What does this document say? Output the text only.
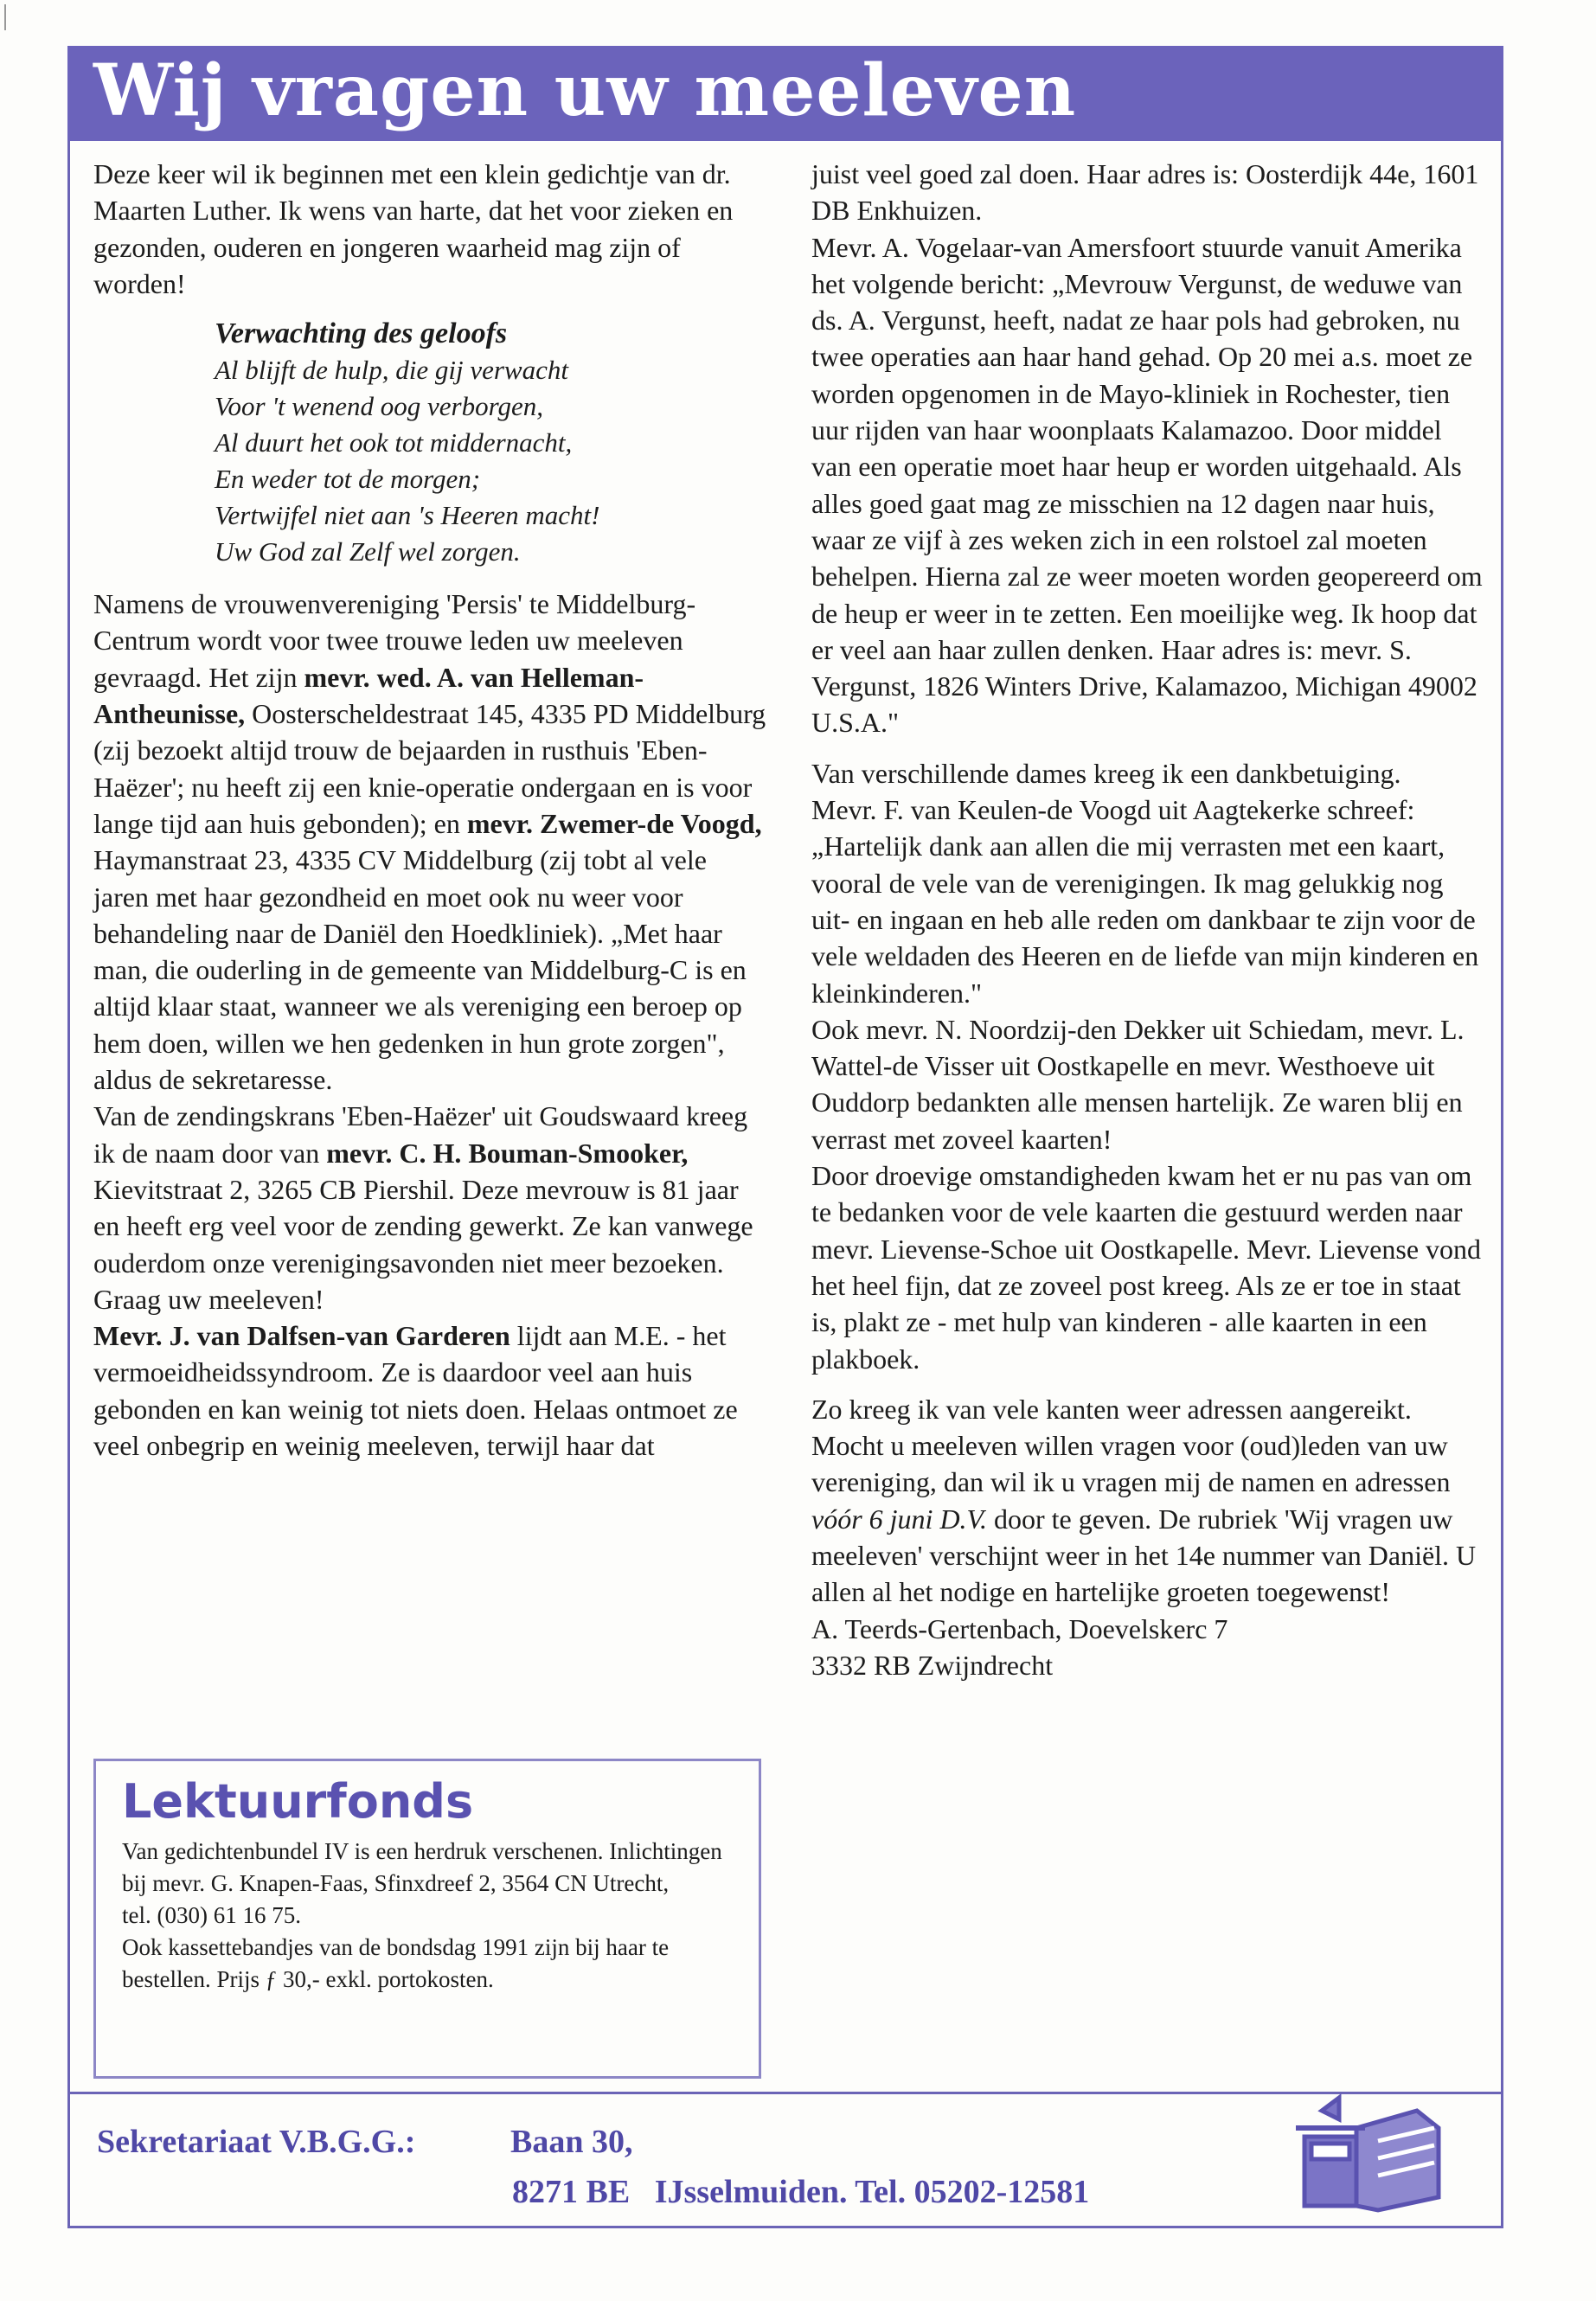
Wij vragen uw meeleven

Deze keer wil ik beginnen met een klein gedichtje van dr. Maarten Luther. Ik wens van harte, dat het voor zieken en gezonden, ouderen en jongeren waarheid mag zijn of worden!

Verwachting des geloofs
Al blijft de hulp, die gij verwacht
Voor 't wenend oog verborgen,
Al duurt het ook tot middernacht,
En weder tot de morgen;
Vertwijfel niet aan 's Heeren macht!
Uw God zal Zelf wel zorgen.

Namens de vrouwenvereniging 'Persis' te Middelburg-Centrum wordt voor twee trouwe leden uw meeleven gevraagd. Het zijn mevr. wed. A. van Helleman-Antheunisse, Oosterscheldestraat 145, 4335 PD Middelburg (zij bezoekt altijd trouw de bejaarden in rusthuis 'Eben-Haëzer'; nu heeft zij een knie-operatie ondergaan en is voor lange tijd aan huis gebonden); en mevr. Zwemer-de Voogd, Haymanstraat 23, 4335 CV Middelburg (zij tobt al vele jaren met haar gezondheid en moet ook nu weer voor behandeling naar de Daniël den Hoedkliniek). „Met haar man, die ouderling in de gemeente van Middelburg-C is en altijd klaar staat, wanneer we als vereniging een beroep op hem doen, willen we hen gedenken in hun grote zorgen", aldus de sekretaresse.

Van de zendingskrans 'Eben-Haëzer' uit Goudswaard kreeg ik de naam door van mevr. C. H. Bouman-Smooker, Kievitstraat 2, 3265 CB Piershil. Deze mevrouw is 81 jaar en heeft erg veel voor de zending gewerkt. Ze kan vanwege ouderdom onze verenigingsavonden niet meer bezoeken. Graag uw meeleven!

Mevr. J. van Dalfsen-van Garderen lijdt aan M.E. - het vermoeidheidssyndroom. Ze is daardoor veel aan huis gebonden en kan weinig tot niets doen. Helaas ontmoet ze veel onbegrip en weinig meeleven, terwijl haar dat

Lektuurfonds

Van gedichtenbundel IV is een herdruk verschenen. Inlichtingen bij mevr. G. Knapen-Faas, Sfinxdreef 2, 3564 CN Utrecht,
tel. (030) 61 16 75.
Ook kassettebandjes van de bondsdag 1991 zijn bij haar te bestellen. Prijs ƒ 30,- exkl. portokosten.

juist veel goed zal doen. Haar adres is: Oosterdijk 44e, 1601 DB Enkhuizen.

Mevr. A. Vogelaar-van Amersfoort stuurde vanuit Amerika het volgende bericht: „Mevrouw Vergunst, de weduwe van ds. A. Vergunst, heeft, nadat ze haar pols had gebroken, nu twee operaties aan haar hand gehad. Op 20 mei a.s. moet ze worden opgenomen in de Mayo-kliniek in Rochester, tien uur rijden van haar woonplaats Kalamazoo. Door middel van een operatie moet haar heup er worden uitgehaald. Als alles goed gaat mag ze misschien na 12 dagen naar huis, waar ze vijf à zes weken zich in een rolstoel zal moeten behelpen. Hierna zal ze weer moeten worden geopereerd om de heup er weer in te zetten. Een moeilijke weg. Ik hoop dat er veel aan haar zullen denken. Haar adres is: mevr. S. Vergunst, 1826 Winters Drive, Kalamazoo, Michigan 49002 U.S.A."

Van verschillende dames kreeg ik een dankbetuiging.

Mevr. F. van Keulen-de Voogd uit Aagtekerke schreef: „Hartelijk dank aan allen die mij verrasten met een kaart, vooral de vele van de verenigingen. Ik mag gelukkig nog uit- en ingaan en heb alle reden om dankbaar te zijn voor de vele weldaden des Heeren en de liefde van mijn kinderen en kleinkinderen."

Ook mevr. N. Noordzij-den Dekker uit Schiedam, mevr. L. Wattel-de Visser uit Oostkapelle en mevr. Westhoeve uit Ouddorp bedankten alle mensen hartelijk. Ze waren blij en verrast met zoveel kaarten!

Door droevige omstandigheden kwam het er nu pas van om te bedanken voor de vele kaarten die gestuurd werden naar mevr. Lievense-Schoe uit Oostkapelle. Mevr. Lievense vond het heel fijn, dat ze zoveel post kreeg. Als ze er toe in staat is, plakt ze - met hulp van kinderen - alle kaarten in een plakboek.

Zo kreeg ik van vele kanten weer adressen aangereikt. Mocht u meeleven willen vragen voor (oud)leden van uw vereniging, dan wil ik u vragen mij de namen en adressen vóór 6 juni D.V. door te geven. De rubriek 'Wij vragen uw meeleven' verschijnt weer in het 14e nummer van Daniël. U allen al het nodige en hartelijke groeten toegewenst!

A. Teerds-Gertenbach, Doevelskerc 7

3332 RB Zwijndrecht

Sekretariaat V.B.G.G.:	Baan 30,
8271 BE IJsselmuiden. Tel. 05202-12581
